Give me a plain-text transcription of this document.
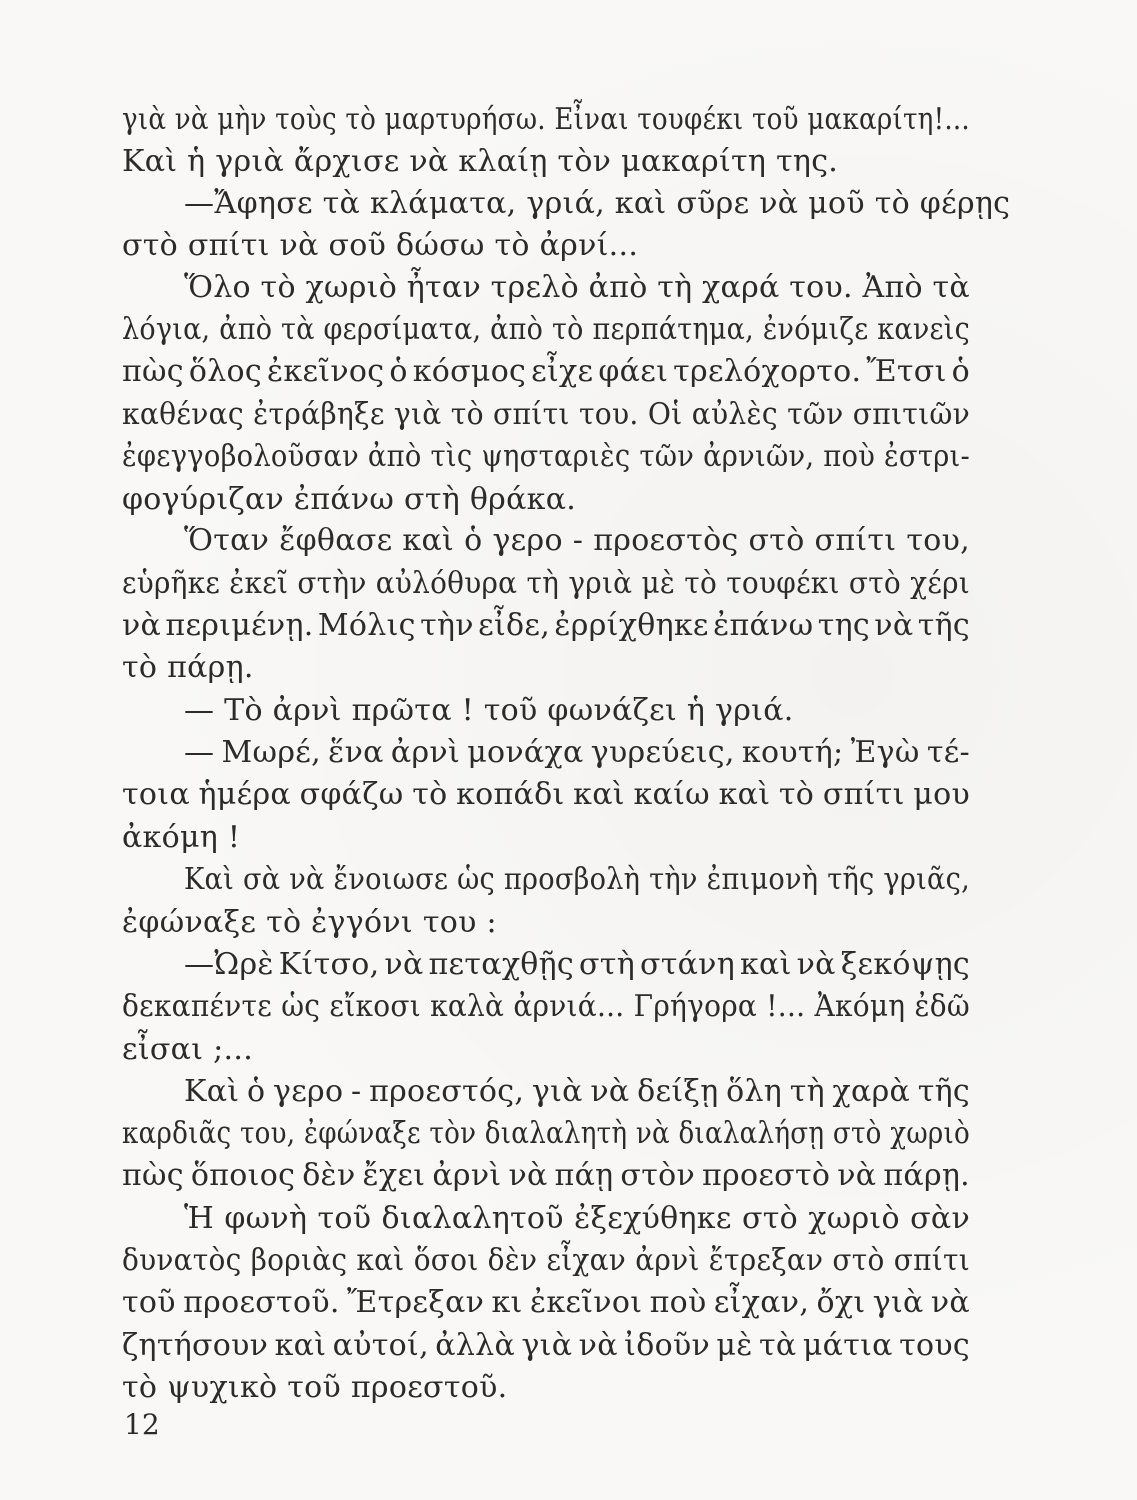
γιὰ νὰ μὴν τοὺς τὸ μαρτυρήσω. Εἶναι τουφέκι τοῦ μακαρίτη!...
Καὶ ἡ γριὰ ἄρχισε νὰ κλαίῃ τὸν μακαρίτη της.
—Ἄφησε τὰ κλάματα, γριά, καὶ σῦρε νὰ μοῦ τὸ φέρῃς
στὸ σπίτι νὰ σοῦ δώσω τὸ ἀρνί...
Ὅλο τὸ χωριὸ ἦταν τρελὸ ἀπὸ τὴ χαρά του. Ἀπὸ τὰ
λόγια, ἀπὸ τὰ φερσίματα, ἀπὸ τὸ περπάτημα, ἐνόμιζε κανεὶς
πὼς ὅλος ἐκεῖνος ὁ κόσμος εἶχε φάει τρελόχορτο. Ἔτσι ὁ
καθένας ἐτράβηξε γιὰ τὸ σπίτι του. Οἱ αὐλὲς τῶν σπιτιῶν
ἐφεγγοβολοῦσαν ἀπὸ τὶς ψησταριὲς τῶν ἀρνιῶν, ποὺ ἐστρι-
φογύριζαν ἐπάνω στὴ θράκα.
Ὅταν ἔφθασε καὶ ὁ γερο - προεστὸς στὸ σπίτι του,
εὑρῆκε ἐκεῖ στὴν αὐλόθυρα τὴ γριὰ μὲ τὸ τουφέκι στὸ χέρι
νὰ περιμένῃ. Μόλις τὴν εἶδε, ἐρρίχθηκε ἐπάνω της νὰ τῆς
τὸ πάρῃ.
— Τὸ ἀρνὶ πρῶτα ! τοῦ φωνάζει ἡ γριά.
— Μωρέ, ἕνα ἀρνὶ μονάχα γυρεύεις, κουτή; Ἐγὼ τέ-
τοια ἡμέρα σφάζω τὸ κοπάδι καὶ καίω καὶ τὸ σπίτι μου
ἀκόμη !
Καὶ σὰ νὰ ἔνοιωσε ὡς προσβολὴ τὴν ἐπιμονὴ τῆς γριᾶς,
ἐφώναξε τὸ ἐγγόνι του :
—Ὠρὲ Κίτσο, νὰ πεταχθῇς στὴ στάνη καὶ νὰ ξεκόψῃς
δεκαπέντε ὡς εἴκοσι καλὰ ἀρνιά... Γρήγορα !... Ἀκόμη ἐδῶ
εἶσαι ;...
Καὶ ὁ γερο - προεστός, γιὰ νὰ δείξῃ ὅλη τὴ χαρὰ τῆς
καρδιᾶς του, ἐφώναξε τὸν διαλαλητὴ νὰ διαλαλήσῃ στὸ χωριὸ
πὼς ὅποιος δὲν ἔχει ἀρνὶ νὰ πάῃ στὸν προεστὸ νὰ πάρῃ.
Ἡ φωνὴ τοῦ διαλαλητοῦ ἐξεχύθηκε στὸ χωριὸ σὰν
δυνατὸς βοριὰς καὶ ὅσοι δὲν εἶχαν ἀρνὶ ἔτρεξαν στὸ σπίτι
τοῦ προεστοῦ. Ἔτρεξαν κι ἐκεῖνοι ποὺ εἶχαν, ὄχι γιὰ νὰ
ζητήσουν καὶ αὐτοί, ἀλλὰ γιὰ νὰ ἰδοῦν μὲ τὰ μάτια τους
τὸ ψυχικὸ τοῦ προεστοῦ.
12
